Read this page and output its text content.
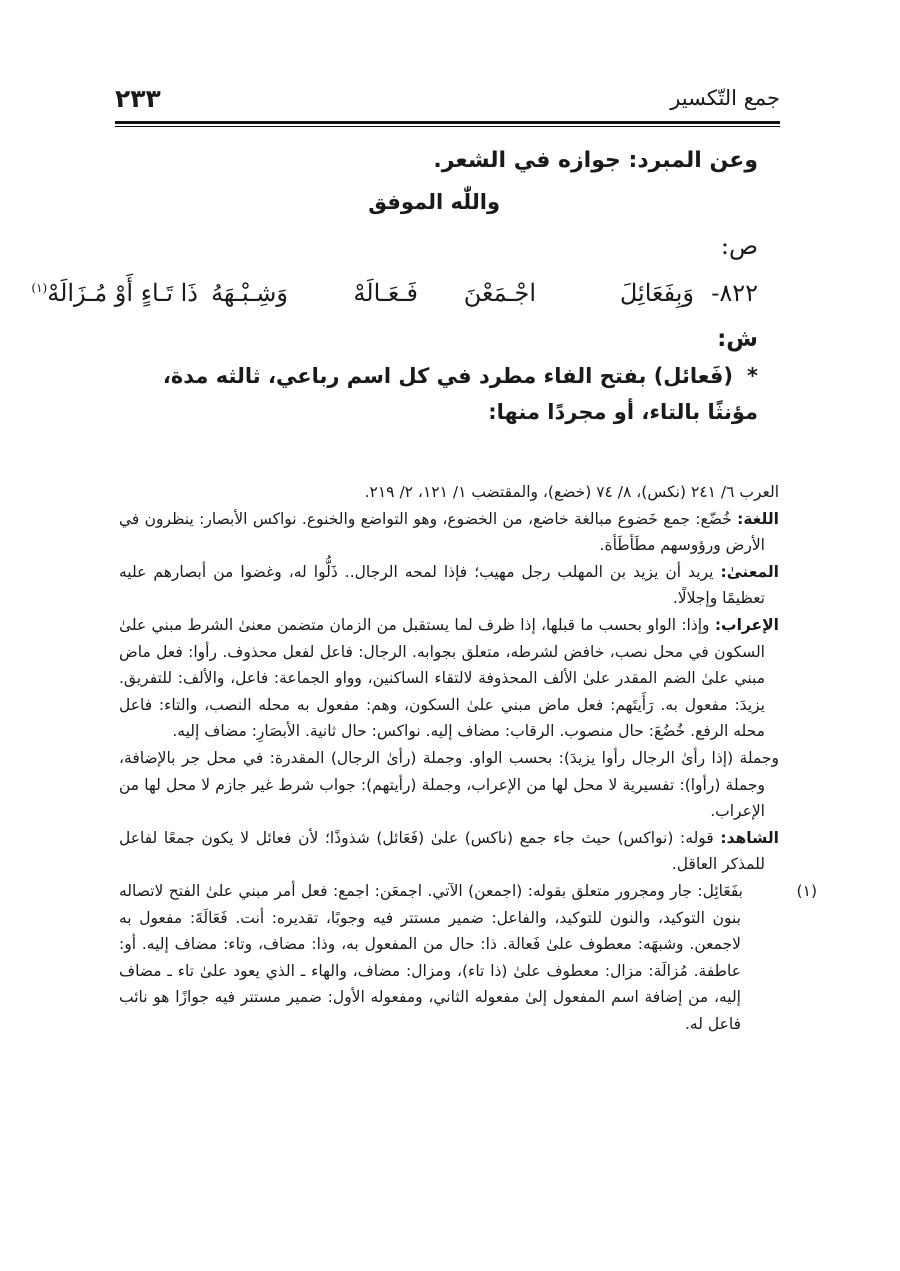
جمع التّكسير
٢٣٣
وعن المبرد: جوازه في الشعر.
واللّٰه الموفق
ص:
٨٢٢-
وَبِفَعَائِلَ
اجْـمَعْنَ
فَـعَـالَهْ
وَشِـبْـهَهُ
ذَا تَـاءٍ أَوْ مُـزَالَهْ$^{(١)}$
ش:
*(فَعائل) بفتح الفاء مطرد في كل اسم رباعي، ثالثه مدة، مؤنثًا بالتاء، أو مجردًا منها:

العرب ٦/ ٢٤١ (نكس)، ٨/ ٧٤ (خضع)، والمقتضب ١/ ١٢١، ٢/ ٢١٩.

اللغة: خُضّع: جمع خَضوع مبالغة خاضع، من الخضوع، وهو التواضع والخنوع. نواكس الأبصار: ينظرون في الأرض ورؤوسهم مطَأطَأة.

المعنىٰ: يريد أن يزيد بن المهلب رجل مهيب؛ فإذا لمحه الرجال.. ذَلُّوا له، وغضوا من أبصارهم عليه تعظيمًا وإجلالًا.

الإعراب: وإذا: الواو بحسب ما قبلها، إذا ظرف لما يستقبل من الزمان متضمن معنىٰ الشرط مبني علىٰ السكون في محل نصب، خافض لشرطه، متعلق بجوابه. الرجال: فاعل لفعل محذوف. رأوا: فعل ماض مبني علىٰ الضم المقدر علىٰ الألف المحذوفة لالتقاء الساكنين، وواو الجماعة: فاعل، والألف: للتفريق. يزيدَ: مفعول به. رَأَيتَهم: فعل ماض مبني علىٰ السكون، وهم: مفعول به محله النصب، والتاء: فاعل محله الرفع. خُضُعَ: حال منصوب. الرقاب: مضاف إليه. نواكس: حال ثانية. الأبصَارِ: مضاف إليه.

وجملة (إذا رأىٰ الرجال رأوا يزيدَ): بحسب الواو. وجملة (رأىٰ الرجال) المقدرة: في محل جر بالإضافة، وجملة (رأوا): تفسيرية لا محل لها من الإعراب، وجملة (رأيتهم): جواب شرط غير جازم لا محل لها من الإعراب.

الشاهد: قوله: (نواكس) حيث جاء جمع (ناكس) علىٰ (فَعَائل) شذوذًا؛ لأن فعائل لا يكون جمعًا لفاعل للمذكر العاقل.

(١)بفَعَائِل: جار ومجرور متعلق بقوله: (اجمعن) الآتي. اجمعَن: اجمع: فعل أمر مبني علىٰ الفتح لاتصاله بنون التوكيد، والنون للتوكيد، والفاعل: ضمير مستتر فيه وجوبًا، تقديره: أنت. فَعَالَةَ: مفعول به لاجمعن. وشبهَه: معطوف علىٰ فَعالة. ذا: حال من المفعول به، وذا: مضاف، وتاء: مضاف إليه. أو: عاطفة. مُزالَة: مزال: معطوف علىٰ (ذا تاء)، ومزال: مضاف، والهاء ـ الذي يعود علىٰ تاء ـ مضاف إليه، من إضافة اسم المفعول إلىٰ مفعوله الثاني، ومفعوله الأول: ضمير مستتر فيه جوازًا هو نائب فاعل له.
